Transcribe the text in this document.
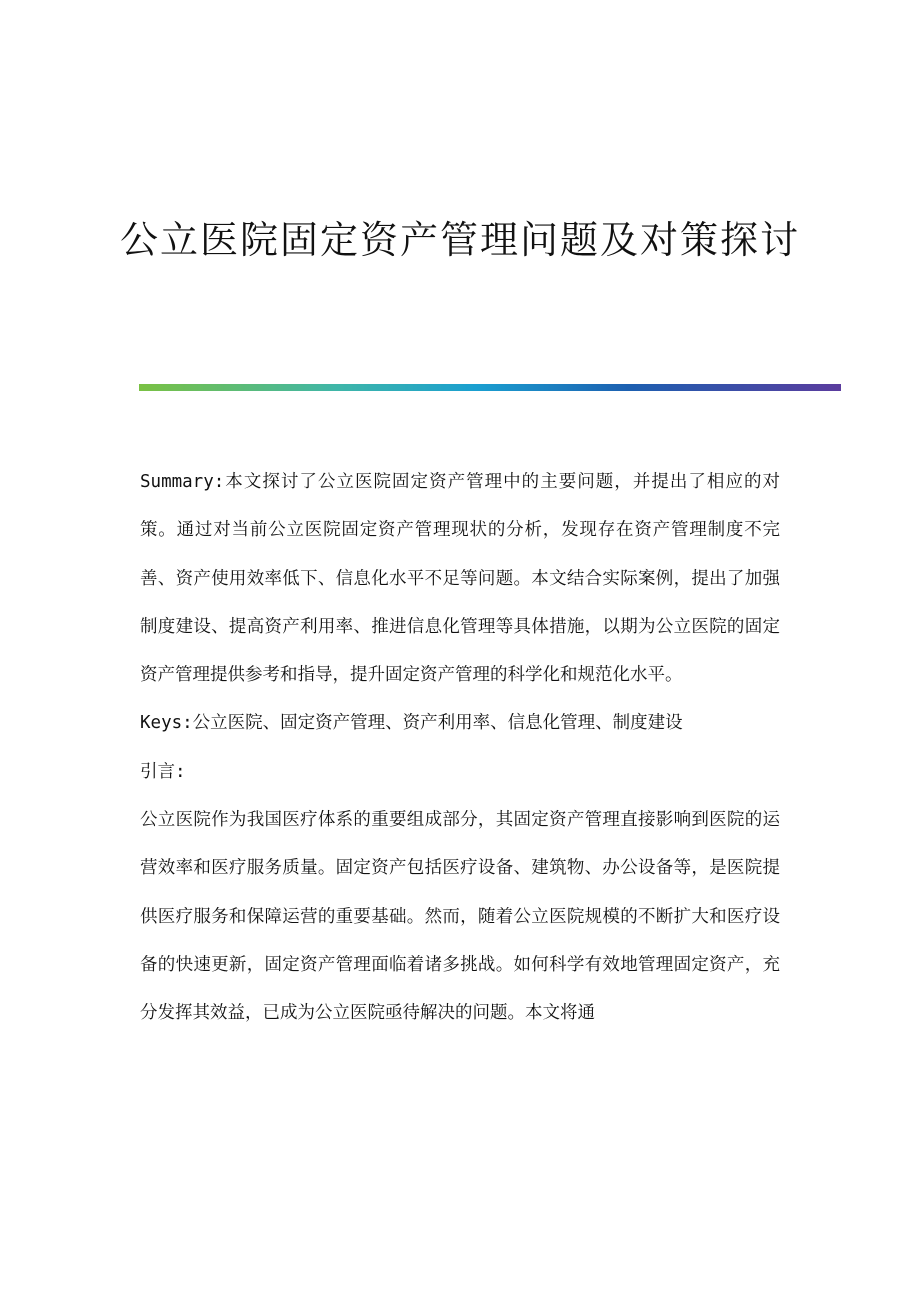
公立医院固定资产管理问题及对策探讨

Summary:本文探讨了公立医院固定资产管理中的主要问题，并提出了相应的对策。通过对当前公立医院固定资产管理现状的分析，发现存在资产管理制度不完善、资产使用效率低下、信息化水平不足等问题。本文结合实际案例，提出了加强制度建设、提高资产利用率、推进信息化管理等具体措施，以期为公立医院的固定资产管理提供参考和指导，提升固定资产管理的科学化和规范化水平。

Keys:公立医院、固定资产管理、资产利用率、信息化管理、制度建设

引言:

公立医院作为我国医疗体系的重要组成部分，其固定资产管理直接影响到医院的运营效率和医疗服务质量。固定资产包括医疗设备、建筑物、办公设备等，是医院提供医疗服务和保障运营的重要基础。然而，随着公立医院规模的不断扩大和医疗设备的快速更新，固定资产管理面临着诸多挑战。如何科学有效地管理固定资产，充分发挥其效益，已成为公立医院亟待解决的问题。本文将通
